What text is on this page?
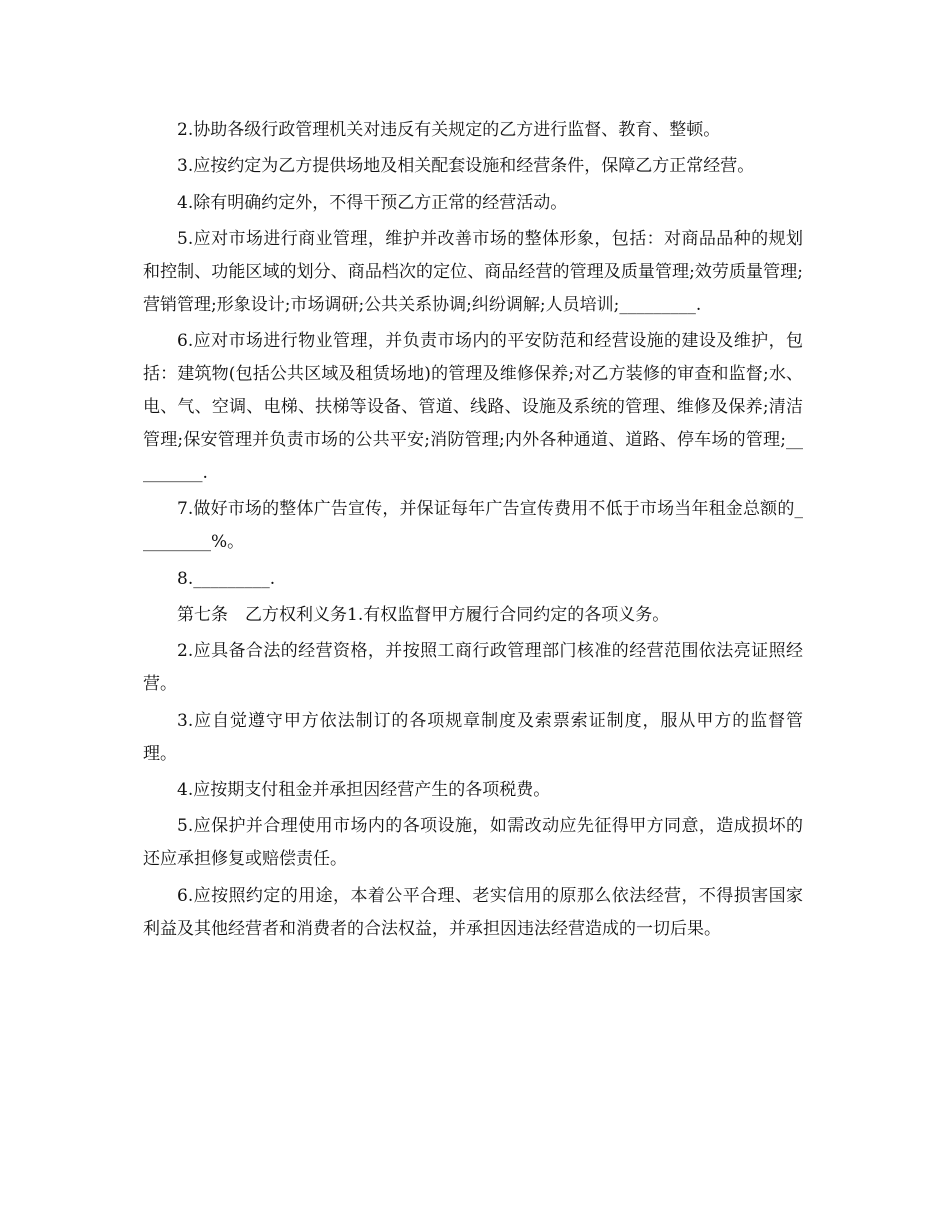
2.协助各级行政管理机关对违反有关规定的乙方进行监督、教育、整顿。

3.应按约定为乙方提供场地及相关配套设施和经营条件，保障乙方正常经营。

4.除有明确约定外，不得干预乙方正常的经营活动。

5.应对市场进行商业管理，维护并改善市场的整体形象，包括：对商品品种的规划和控制、功能区域的划分、商品档次的定位、商品经营的管理及质量管理;效劳质量管理;营销管理;形象设计;市场调研;公共关系协调;纠纷调解;人员培训;_________.

6.应对市场进行物业管理，并负责市场内的平安防范和经营设施的建设及维护，包括：建筑物(包括公共区域及租赁场地)的管理及维修保养;对乙方装修的审查和监督;水、电、气、空调、电梯、扶梯等设备、管道、线路、设施及系统的管理、维修及保养;清洁管理;保安管理并负责市场的公共平安;消防管理;内外各种通道、道路、停车场的管理;_________.

7.做好市场的整体广告宣传，并保证每年广告宣传费用不低于市场当年租金总额的_________%。

8._________.

第七条　乙方权利义务1.有权监督甲方履行合同约定的各项义务。

2.应具备合法的经营资格，并按照工商行政管理部门核准的经营范围依法亮证照经营。

3.应自觉遵守甲方依法制订的各项规章制度及索票索证制度，服从甲方的监督管理。

4.应按期支付租金并承担因经营产生的各项税费。

5.应保护并合理使用市场内的各项设施，如需改动应先征得甲方同意，造成损坏的还应承担修复或赔偿责任。

6.应按照约定的用途，本着公平合理、老实信用的原那么依法经营，不得损害国家利益及其他经营者和消费者的合法权益，并承担因违法经营造成的一切后果。
